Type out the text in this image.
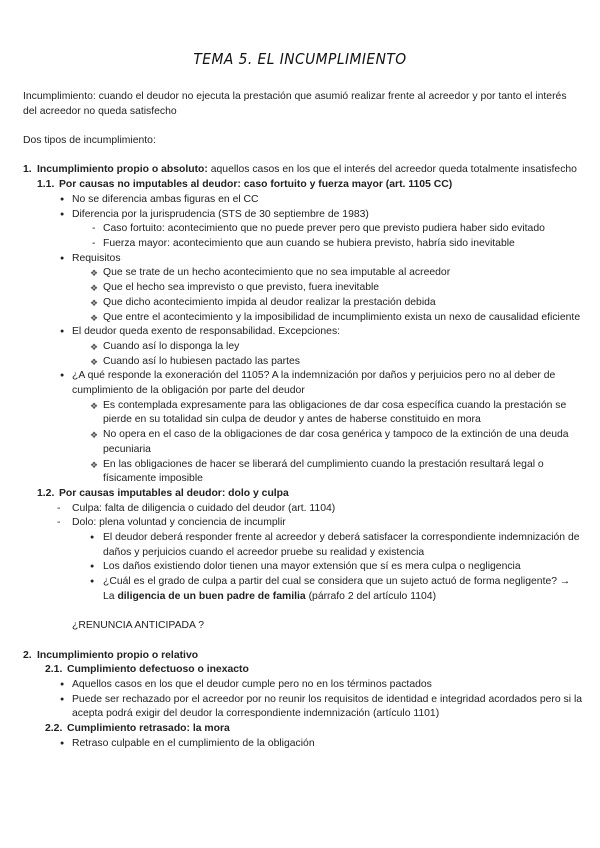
TEMA 5. EL INCUMPLIMIENTO

Incumplimiento: cuando el deudor no ejecuta la prestación que asumió realizar frente al acreedor y por tanto el interés del acreedor no queda satisfecho

Dos tipos de incumplimiento:

1. Incumplimiento propio o absoluto: aquellos casos en los que el interés del acreedor queda totalmente insatisfecho
1.1. Por causas no imputables al deudor: caso fortuito y fuerza mayor (art. 1105 CC)
● No se diferencia ambas figuras en el CC
● Diferencia por la jurisprudencia (STS de 30 septiembre de 1983)
- Caso fortuito: acontecimiento que no puede prever pero que previsto pudiera haber sido evitado
- Fuerza mayor: acontecimiento que aun cuando se hubiera previsto, habría sido inevitable
● Requisitos
❖ Que se trate de un hecho acontecimiento que no sea imputable al acreedor
❖ Que el hecho sea imprevisto o que previsto, fuera inevitable
❖ Que dicho acontecimiento impida al deudor realizar la prestación debida
❖ Que entre el acontecimiento y la imposibilidad de incumplimiento exista un nexo de causalidad eficiente
● El deudor queda exento de responsabilidad. Excepciones:
❖ Cuando así lo disponga la ley
❖ Cuando así lo hubiesen pactado las partes
● ¿A qué responde la exoneración del 1105? A la indemnización por daños y perjuicios pero no al deber de cumplimiento de la obligación por parte del deudor
❖ Es contemplada expresamente para las obligaciones de dar cosa específica cuando la prestación se pierde en su totalidad sin culpa de deudor y antes de haberse constituido en mora
❖ No opera en el caso de la obligaciones de dar cosa genérica y tampoco de la extinción de una deuda pecuniaria
❖ En las obligaciones de hacer se liberará del cumplimiento cuando la prestación resultará legal o físicamente imposible
1.2. Por causas imputables al deudor: dolo y culpa
- Culpa: falta de diligencia o cuidado del deudor (art. 1104)
- Dolo: plena voluntad y conciencia de incumplir
● El deudor deberá responder frente al acreedor y deberá satisfacer la correspondiente indemnización de daños y perjuicios cuando el acreedor pruebe su realidad y existencia
● Los daños existiendo dolor tienen una mayor extensión que sí es mera culpa o negligencia
● ¿Cuál es el grado de culpa a partir del cual se considera que un sujeto actuó de forma negligente? → La diligencia de un buen padre de familia (párrafo 2 del artículo 1104)
¿RENUNCIA ANTICIPADA ?
2. Incumplimiento propio o relativo
2.1. Cumplimiento defectuoso o inexacto
● Aquellos casos en los que el deudor cumple pero no en los términos pactados
● Puede ser rechazado por el acreedor por no reunir los requisitos de identidad e integridad acordados pero si la acepta podrá exigir del deudor la correspondiente indemnización (artículo 1101)
2.2. Cumplimiento retrasado: la mora
● Retraso culpable en el cumplimiento de la obligación
